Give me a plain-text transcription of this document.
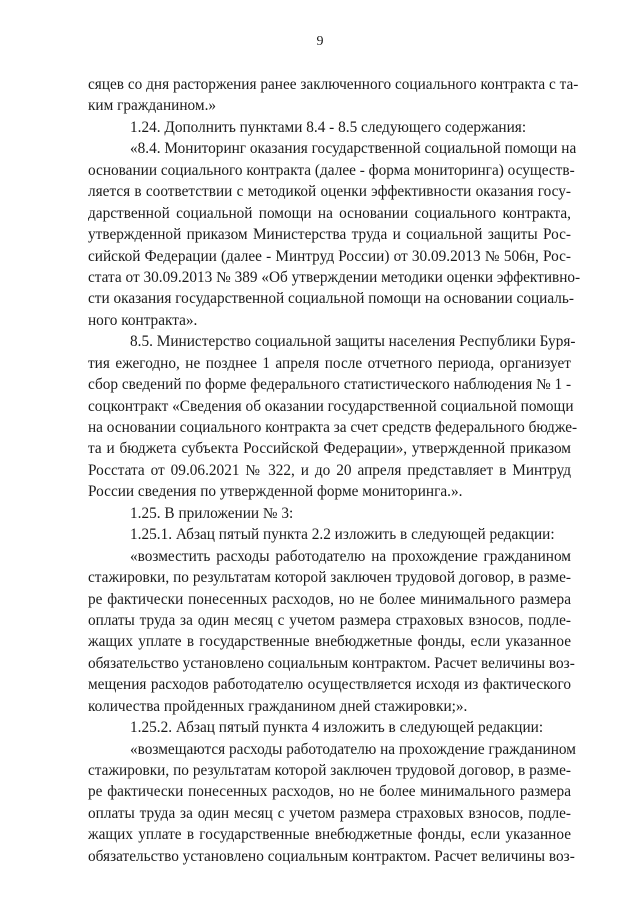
9
сяцев со дня расторжения ранее заключенного социального контракта с та-
ким гражданином.»
1.24. Дополнить пунктами 8.4 - 8.5 следующего содержания:
«8.4. Мониторинг оказания государственной социальной помощи на
основании социального контракта (далее - форма мониторинга) осуществ-
ляется в соответствии с методикой оценки эффективности оказания госу-
дарственной социальной помощи на основании социального контракта,
утвержденной приказом Министерства труда и социальной защиты Рос-
сийской Федерации (далее - Минтруд России) от 30.09.2013 № 506н, Рос-
стата от 30.09.2013 № 389 «Об утверждении методики оценки эффективно-
сти оказания государственной социальной помощи на основании социаль-
ного контракта».
8.5. Министерство социальной защиты населения Республики Буря-
тия ежегодно, не позднее 1 апреля после отчетного периода, организует
сбор сведений по форме федерального статистического наблюдения № 1 -
соцконтракт «Сведения об оказании государственной социальной помощи
на основании социального контракта за счет средств федерального бюдже-
та и бюджета субъекта Российской Федерации», утвержденной приказом
Росстата от 09.06.2021 № 322, и до 20 апреля представляет в Минтруд
России сведения по утвержденной форме мониторинга.».
1.25. В приложении № 3:
1.25.1. Абзац пятый пункта 2.2 изложить в следующей редакции:
«возместить расходы работодателю на прохождение гражданином
стажировки, по результатам которой заключен трудовой договор, в разме-
ре фактически понесенных расходов, но не более минимального размера
оплаты труда за один месяц с учетом размера страховых взносов, подле-
жащих уплате в государственные внебюджетные фонды, если указанное
обязательство установлено социальным контрактом. Расчет величины воз-
мещения расходов работодателю осуществляется исходя из фактического
количества пройденных гражданином дней стажировки;».
1.25.2. Абзац пятый пункта 4 изложить в следующей редакции:
«возмещаются расходы работодателю на прохождение гражданином
стажировки, по результатам которой заключен трудовой договор, в разме-
ре фактически понесенных расходов, но не более минимального размера
оплаты труда за один месяц с учетом размера страховых взносов, подле-
жащих уплате в государственные внебюджетные фонды, если указанное
обязательство установлено социальным контрактом. Расчет величины воз-
